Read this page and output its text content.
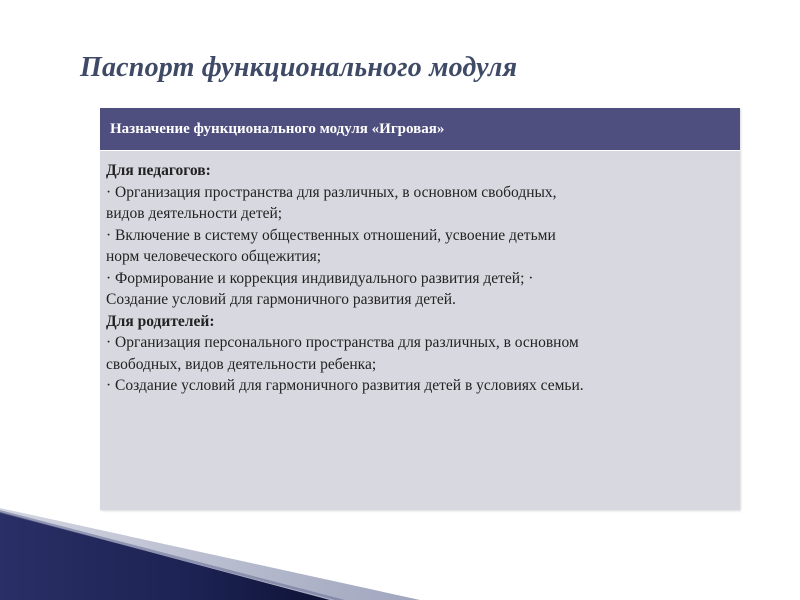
Паспорт функционального модуля
Назначение функционального модуля «Игровая»
Для педагогов:
· Организация пространства для различных, в основном свободных,
видов деятельности детей;
· Включение в систему общественных отношений, усвоение детьми
норм человеческого общежития;
· Формирование и коррекция индивидуального развития детей; ·
Создание условий для гармоничного развития детей.
Для родителей:
· Организация персонального пространства для различных, в основном
свободных, видов деятельности ребенка;
· Создание условий для гармоничного развития детей в условиях семьи.
